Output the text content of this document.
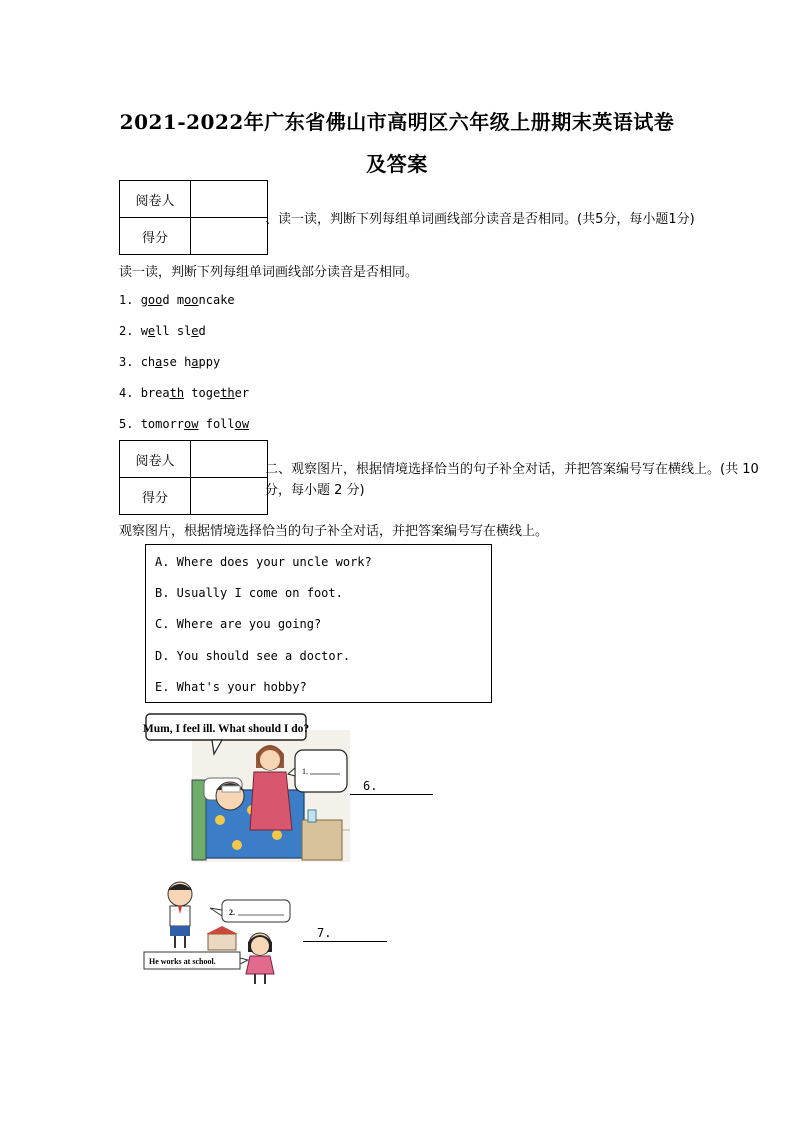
2021-2022年广东省佛山市高明区六年级上册期末英语试卷
及答案
阅卷人	
得分	
、读一读，判断下列每组单词画线部分读音是否相同。(共5分，每小题1分)
读一读，判断下列每组单词画线部分读音是否相同。
1. good mooncake
2. well sled
3. chase happy
4. breath together
5. tomorrow follow
阅卷人	
得分	
二、观察图片，根据情境选择恰当的句子补全对话，并把答案编号写在横线上。(共 10
分，每小题 2 分)
观察图片，根据情境选择恰当的句子补全对话，并把答案编号写在横线上。
A. Where does your uncle work?
B. Usually I come on foot.
C. Where are you going?
D. You should see a doctor.
E. What's your hobby?
Mum, I feel ill. What should I do?
1.
6.

2.
He works at school.
7.
